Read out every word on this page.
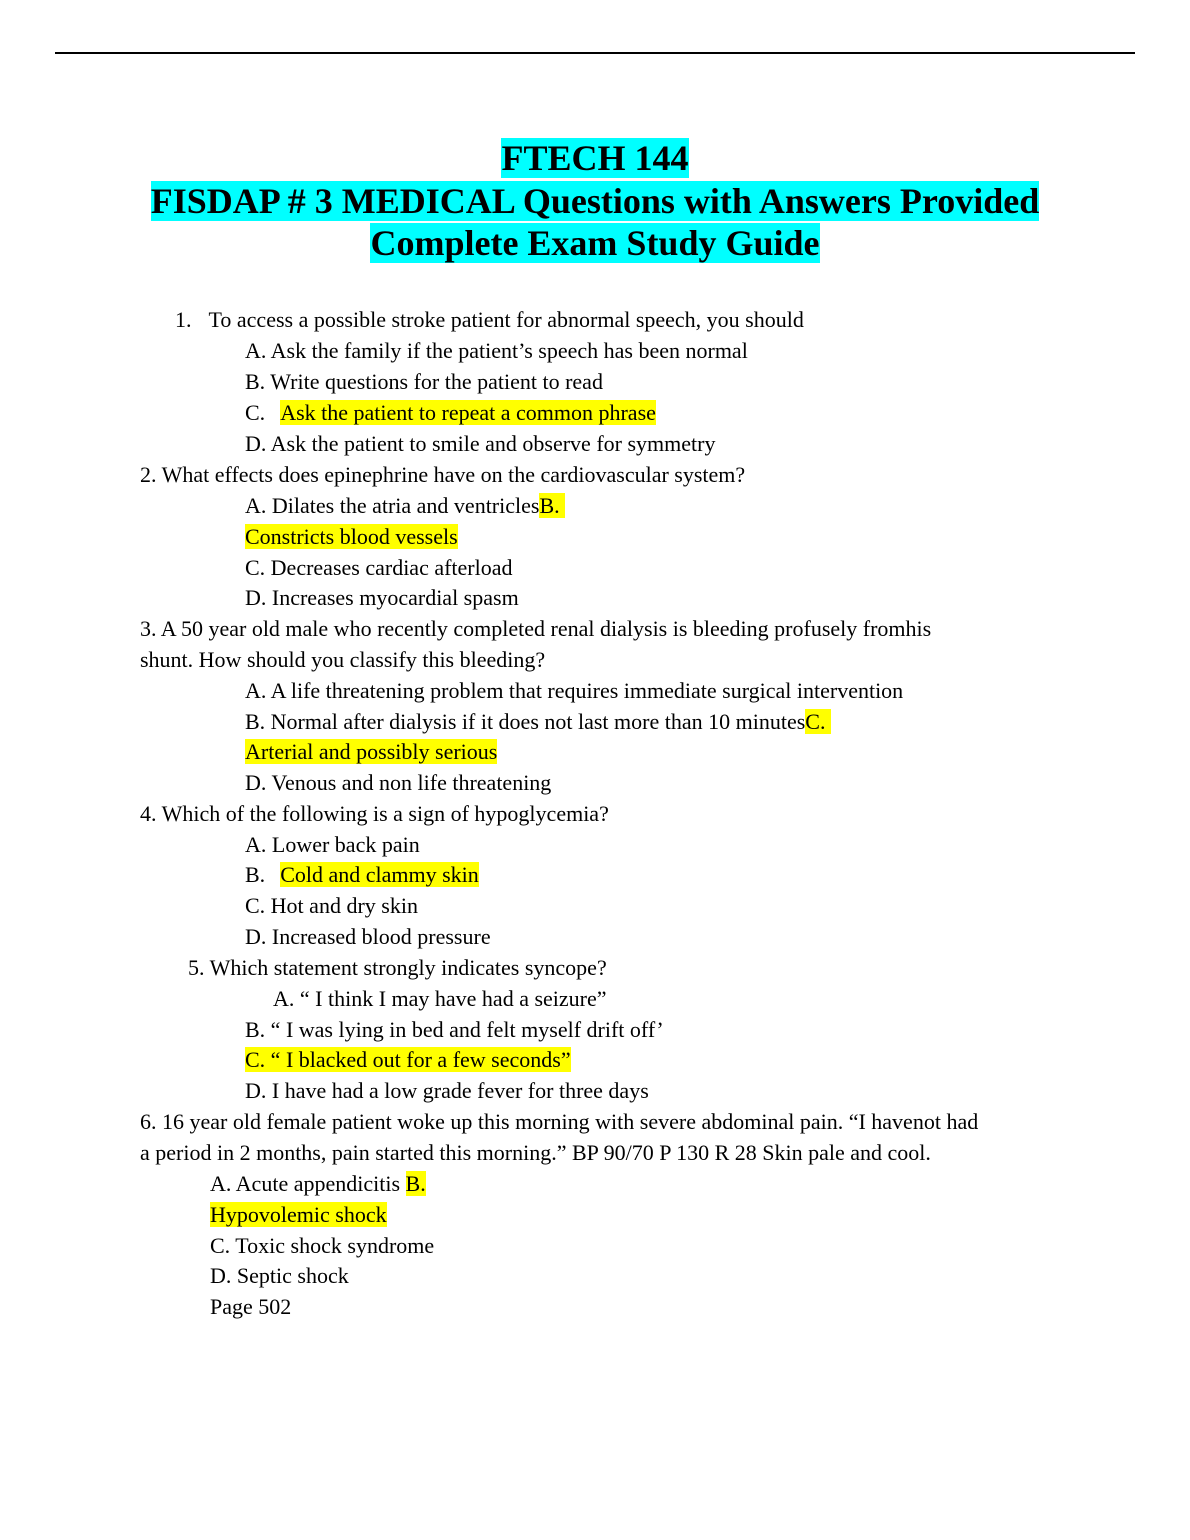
FTECH 144
FISDAP # 3 MEDICAL Questions with Answers Provided
Complete Exam Study Guide
1. To access a possible stroke patient for abnormal speech, you should
A. Ask the family if the patient’s speech has been normal
B. Write questions for the patient to read
C. Ask the patient to repeat a common phrase
D. Ask the patient to smile and observe for symmetry
2. What effects does epinephrine have on the cardiovascular system?
A. Dilates the atria and ventriclesB.
Constricts blood vessels
C. Decreases cardiac afterload
D. Increases myocardial spasm
3. A 50 year old male who recently completed renal dialysis is bleeding profusely fromhis
shunt. How should you classify this bleeding?
A. A life threatening problem that requires immediate surgical intervention
B. Normal after dialysis if it does not last more than 10 minutesC.
Arterial and possibly serious
D. Venous and non life threatening
4. Which of the following is a sign of hypoglycemia?
A. Lower back pain
B. Cold and clammy skin
C. Hot and dry skin
D. Increased blood pressure
5. Which statement strongly indicates syncope?
A. “ I think I may have had a seizure”
B. “ I was lying in bed and felt myself drift off’
C. “ I blacked out for a few seconds”
D. I have had a low grade fever for three days
6. 16 year old female patient woke up this morning with severe abdominal pain. “I havenot had
a period in 2 months, pain started this morning.” BP 90/70 P 130 R 28 Skin pale and cool.
A. Acute appendicitis B.
Hypovolemic shock
C. Toxic shock syndrome
D. Septic shock
Page 502
